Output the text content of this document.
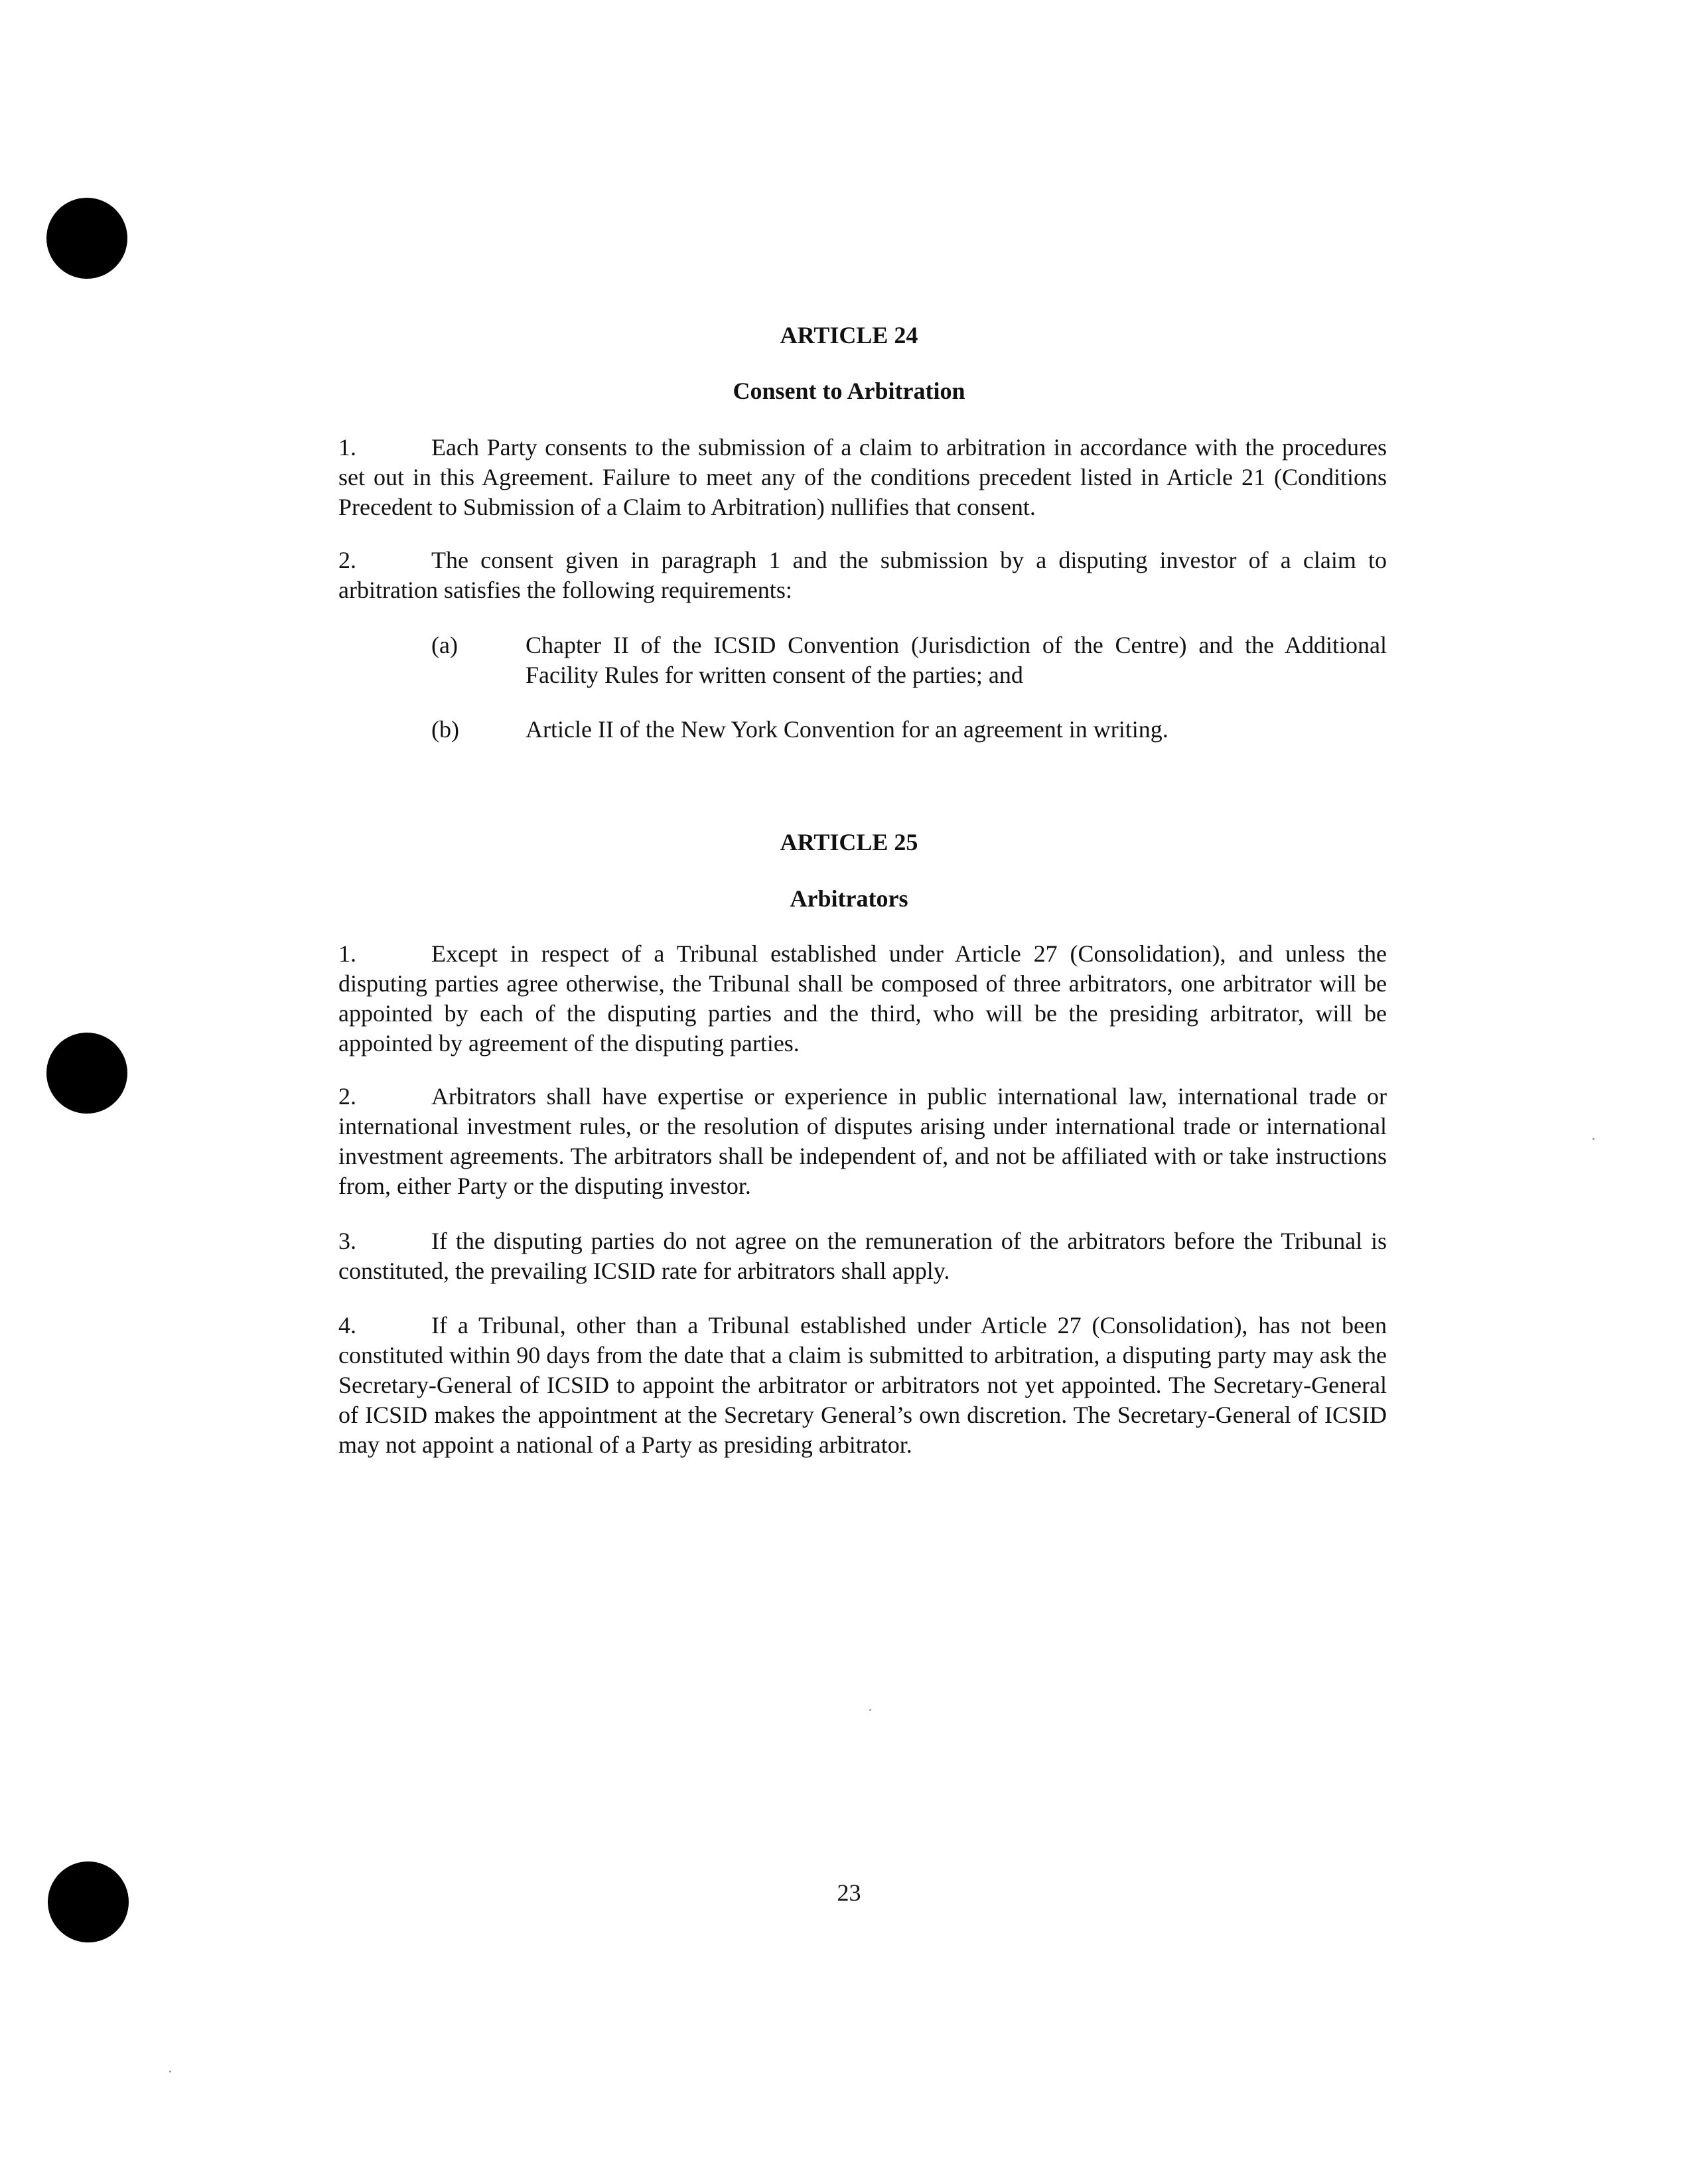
ARTICLE 24
Consent to Arbitration

1.	Each Party consents to the submission of a claim to arbitration in accordance with the procedures set out in this Agreement. Failure to meet any of the conditions precedent listed in Article 21 (Conditions Precedent to Submission of a Claim to Arbitration) nullifies that consent.

2.	The consent given in paragraph 1 and the submission by a disputing investor of a claim to arbitration satisfies the following requirements:

(a)	Chapter II of the ICSID Convention (Jurisdiction of the Centre) and the Additional Facility Rules for written consent of the parties; and
(b)	Article II of the New York Convention for an agreement in writing.
ARTICLE 25
Arbitrators

1.	Except in respect of a Tribunal established under Article 27 (Consolidation), and unless the disputing parties agree otherwise, the Tribunal shall be composed of three arbitrators, one arbitrator will be appointed by each of the disputing parties and the third, who will be the presiding arbitrator, will be appointed by agreement of the disputing parties.

2.	Arbitrators shall have expertise or experience in public international law, international trade or international investment rules, or the resolution of disputes arising under international trade or international investment agreements. The arbitrators shall be independent of, and not be affiliated with or take instructions from, either Party or the disputing investor.

3.	If the disputing parties do not agree on the remuneration of the arbitrators before the Tribunal is constituted, the prevailing ICSID rate for arbitrators shall apply.

4.	If a Tribunal, other than a Tribunal established under Article 27 (Consolidation), has not been constituted within 90 days from the date that a claim is submitted to arbitration, a disputing party may ask the Secretary-General of ICSID to appoint the arbitrator or arbitrators not yet appointed. The Secretary-General of ICSID makes the appointment at the Secretary General’s own discretion. The Secretary-General of ICSID may not appoint a national of a Party as presiding arbitrator.

23
